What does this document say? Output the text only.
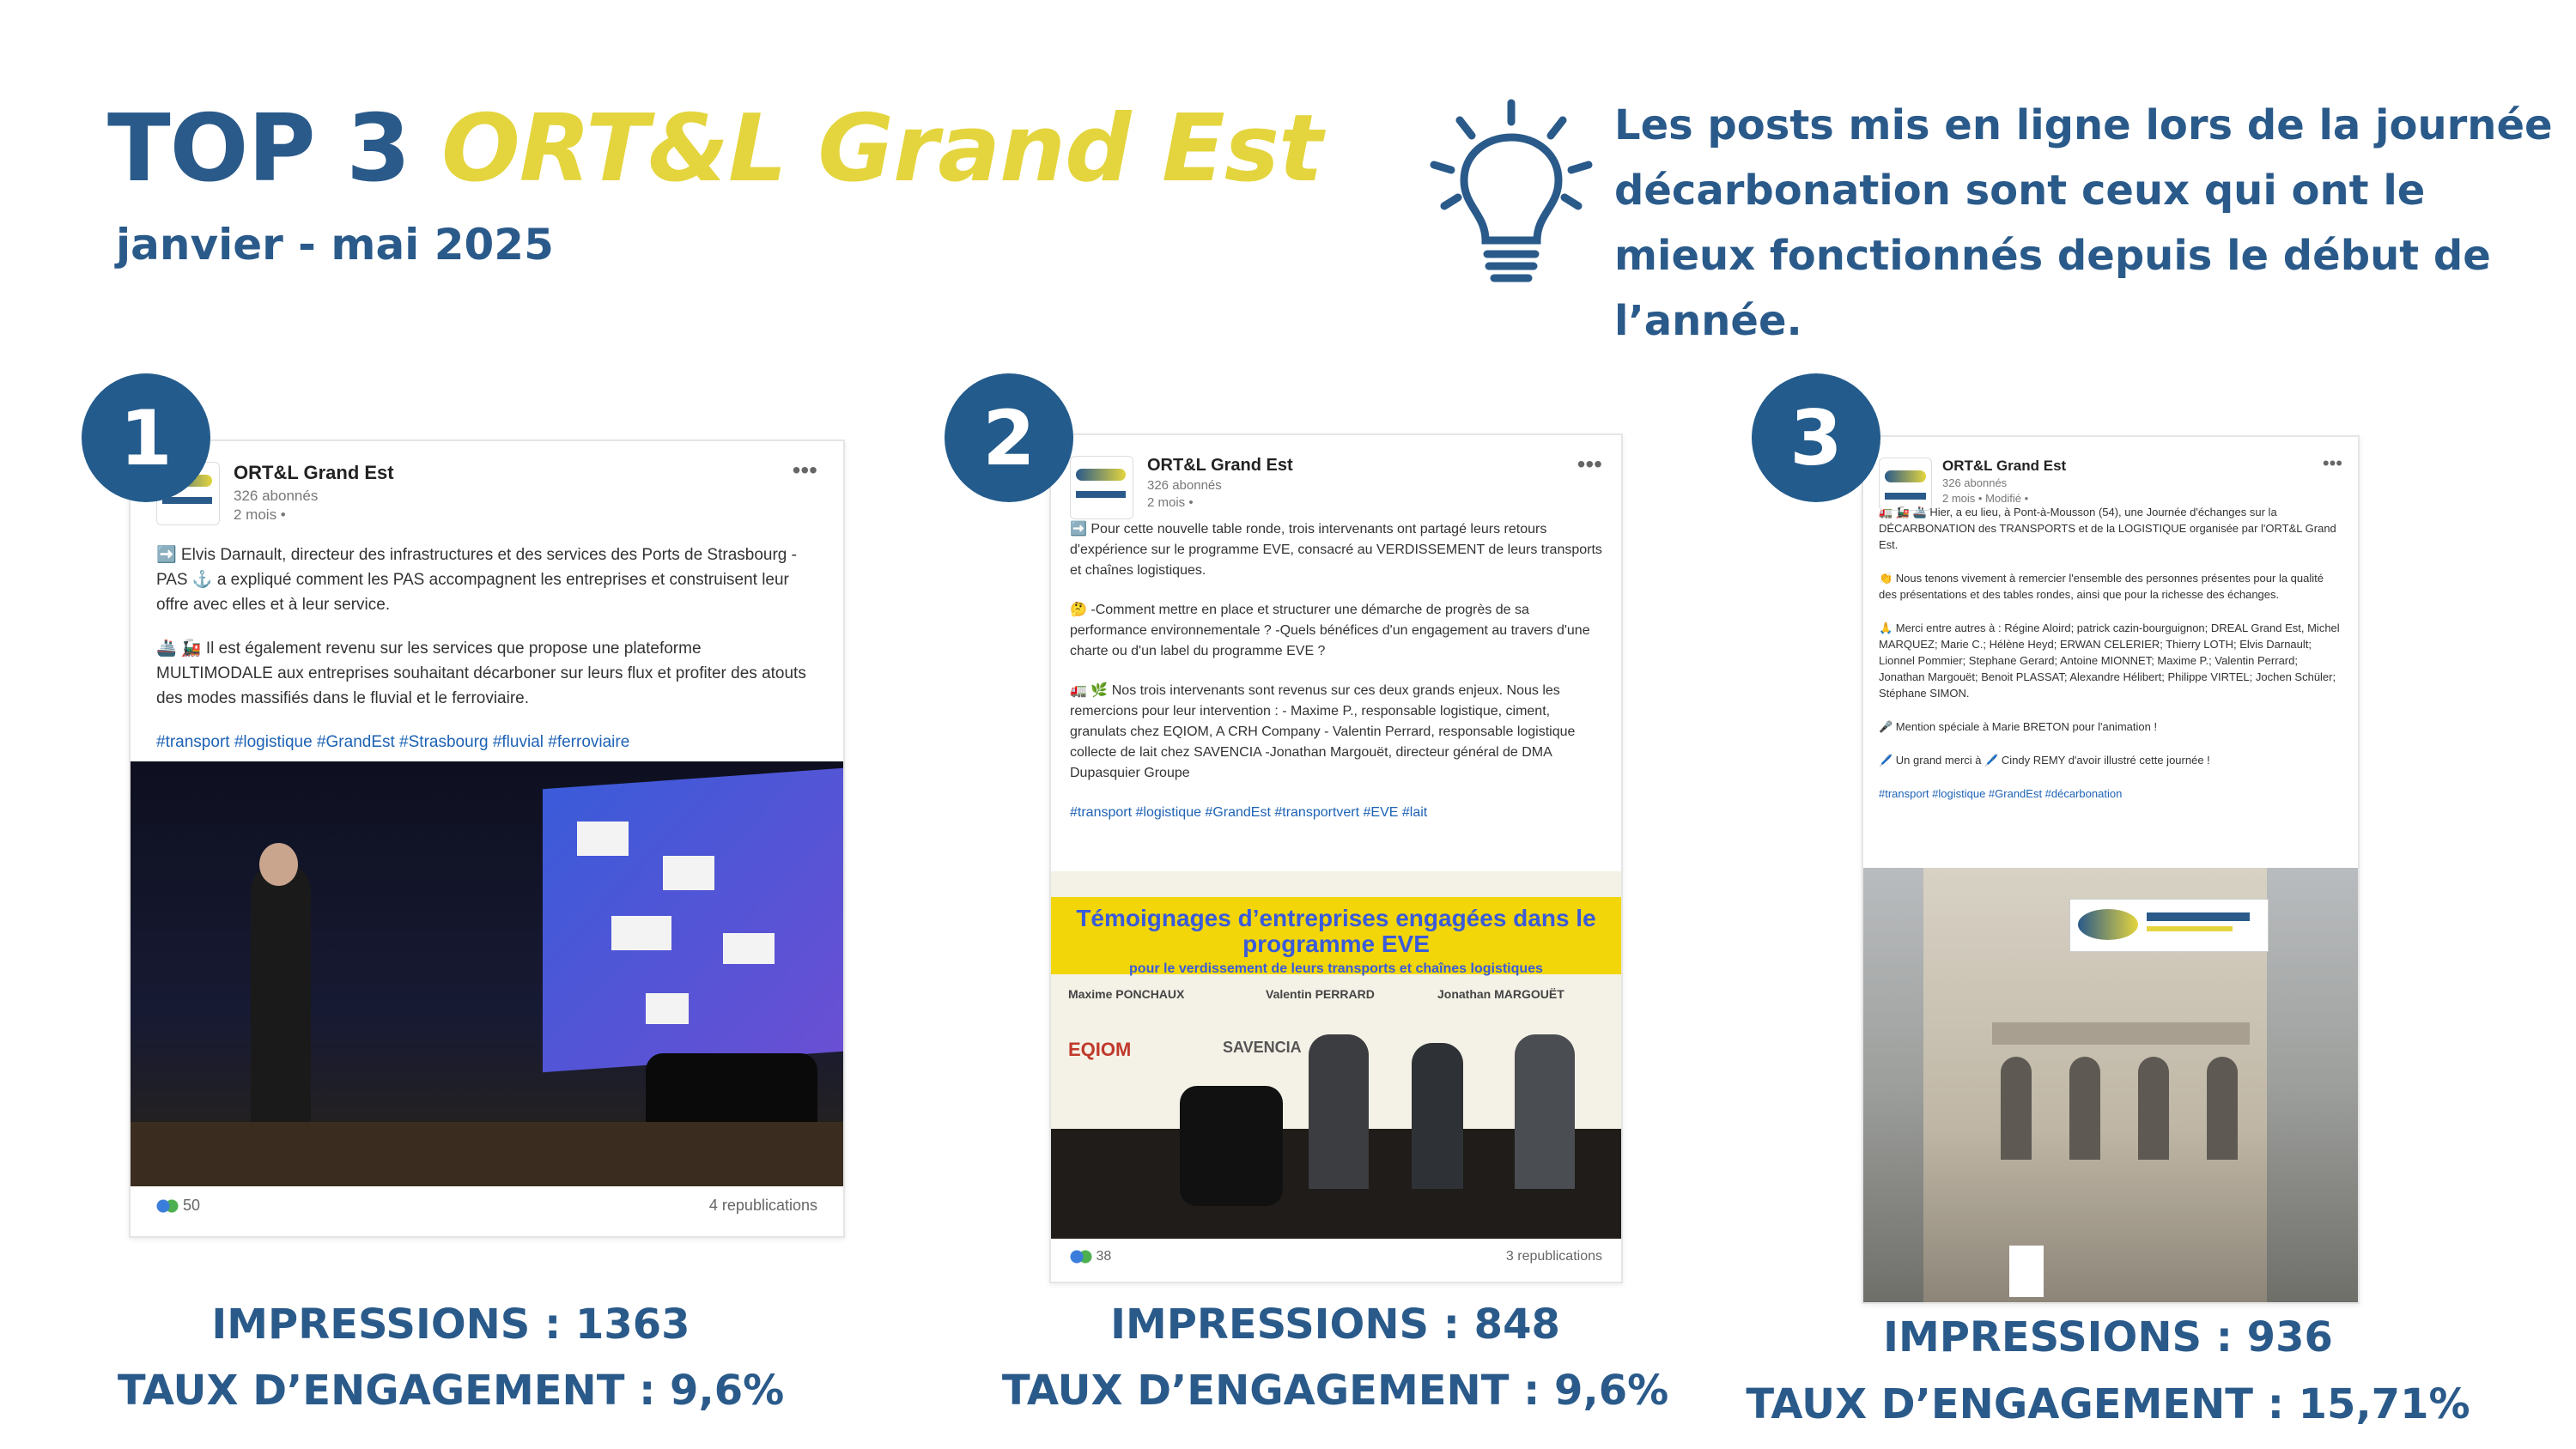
TOP 3 ORT&L Grand Est
janvier - mai 2025
Les posts mis en ligne lors de la journée décarbonation sont ceux qui ont le mieux fonctionnés depuis le début de l’année.
ORT&L Grand Est
326 abonnés
2 mois •
•••

➡️ Elvis Darnault, directeur des infrastructures et des services des Ports de Strasbourg - PAS ⚓ a expliqué comment les PAS accompagnent les entreprises et construisent leur offre avec elles et à leur service.

🚢 🚂 Il est également revenu sur les services que propose une plateforme MULTIMODALE aux entreprises souhaitant décarboner sur leurs flux et profiter des atouts des modes massifiés dans le fluvial et le ferroviaire.

#transport #logistique #GrandEst #Strasbourg #fluvial #ferroviaire

50	4 republications
1
IMPRESSIONS : 1363
TAUX D’ENGAGEMENT : 9,6%
ORT&L Grand Est
326 abonnés
2 mois •
•••

➡️ Pour cette nouvelle table ronde, trois intervenants ont partagé leurs retours d'expérience sur le programme EVE, consacré au VERDISSEMENT de leurs transports et chaînes logistiques.

🤔 -Comment mettre en place et structurer une démarche de progrès de sa performance environnementale ? -Quels bénéfices d'un engagement au travers d'une charte ou d'un label du programme EVE ?

🚛 🌿 Nos trois intervenants sont revenus sur ces deux grands enjeux. Nous les remercions pour leur intervention : - Maxime P., responsable logistique, ciment, granulats chez EQIOM, A CRH Company - Valentin Perrard, responsable logistique collecte de lait chez SAVENCIA -Jonathan Margouët, directeur général de DMA Dupasquier Groupe

#transport #logistique #GrandEst #transportvert #EVE #lait

Témoignages d’entreprises engagées dans le programme EVE
pour le verdissement de leurs transports et chaînes logistiques
Maxime PONCHAUX	Valentin PERRARD	Jonathan MARGOUËT
EQIOM	SAVENCIA
38	3 republications
2
IMPRESSIONS : 848
TAUX D’ENGAGEMENT : 9,6%
ORT&L Grand Est
326 abonnés
2 mois • Modifié •
•••

🚛 🚂 🚢 Hier, a eu lieu, à Pont-à-Mousson (54), une Journée d'échanges sur la DÉCARBONATION des TRANSPORTS et de la LOGISTIQUE organisée par l'ORT&L Grand Est.

👏 Nous tenons vivement à remercier l'ensemble des personnes présentes pour la qualité des présentations et des tables rondes, ainsi que pour la richesse des échanges.

🙏 Merci entre autres à : Régine Aloird; patrick cazin-bourguignon; DREAL Grand Est, Michel MARQUEZ; Marie C.; Hélène Heyd; ERWAN CELERIER; Thierry LOTH; Elvis Darnault; Lionnel Pommier; Stephane Gerard; Antoine MIONNET; Maxime P.; Valentin Perrard; Jonathan Margouët; Benoit PLASSAT; Alexandre Hélibert; Philippe VIRTEL; Jochen Schüler; Stéphane SIMON.

🎤 Mention spéciale à Marie BRETON pour l'animation !

🖊️ Un grand merci à 🖊️ Cindy REMY d'avoir illustré cette journée !

#transport #logistique #GrandEst #décarbonation

3
IMPRESSIONS : 936
TAUX D’ENGAGEMENT : 15,71%
